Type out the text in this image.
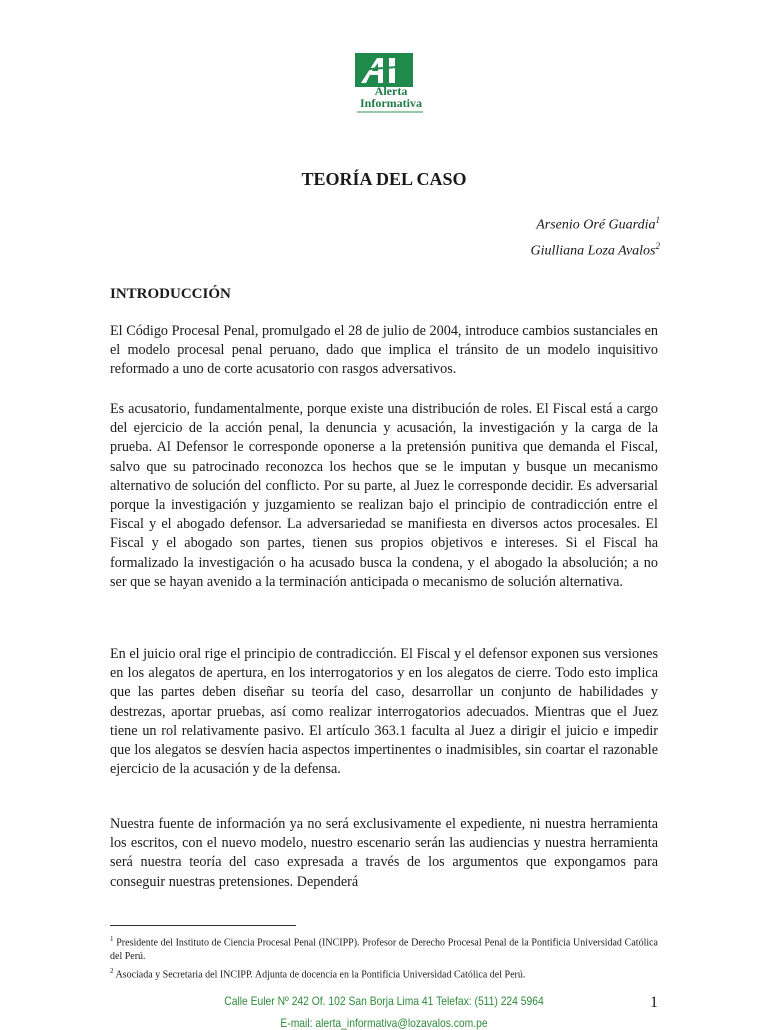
Alerta
Informativa
TEORÍA DEL CASO
Arsenio Oré Guardia$^1$
Giulliana Loza Avalos$^2$
INTRODUCCIÓN

El Código Procesal Penal, promulgado el 28 de julio de 2004, introduce cambios sustanciales en el modelo procesal penal peruano, dado que implica el tránsito de un modelo inquisitivo reformado a uno de corte acusatorio con rasgos adversativos.

Es acusatorio, fundamentalmente, porque existe una distribución de roles. El Fiscal está a cargo del ejercicio de la acción penal, la denuncia y acusación, la investigación y la carga de la prueba. Al Defensor le corresponde oponerse a la pretensión punitiva que demanda el Fiscal, salvo que su patrocinado reconozca los hechos que se le imputan y busque un mecanismo alternativo de solución del conflicto. Por su parte, al Juez le corresponde decidir. Es adversarial porque la investigación y juzgamiento se realizan bajo el principio de contradicción entre el Fiscal y el abogado defensor. La adversariedad se manifiesta en diversos actos procesales. El Fiscal y el abogado son partes, tienen sus propios objetivos e intereses. Si el Fiscal ha formalizado la investigación o ha acusado busca la condena, y el abogado la absolución; a no ser que se hayan avenido a la terminación anticipada o mecanismo de solución alternativa.

En el juicio oral rige el principio de contradicción. El Fiscal y el defensor exponen sus versiones en los alegatos de apertura, en los interrogatorios y en los alegatos de cierre. Todo esto implica que las partes deben diseñar su teoría del caso, desarrollar un conjunto de habilidades y destrezas, aportar pruebas, así como realizar interrogatorios adecuados. Mientras que el Juez tiene un rol relativamente pasivo. El artículo 363.1 faculta al Juez a dirigir el juicio e impedir que los alegatos se desvíen hacia aspectos impertinentes o inadmisibles, sin coartar el razonable ejercicio de la acusación y de la defensa.

Nuestra fuente de información ya no será exclusivamente el expediente, ni nuestra herramienta los escritos, con el nuevo modelo, nuestro escenario serán las audiencias y nuestra herramienta será nuestra teoría del caso expresada a través de los argumentos que expongamos para conseguir nuestras pretensiones. Dependerá

$^1$ Presidente del Instituto de Ciencia Procesal Penal (INCIPP). Profesor de Derecho Procesal Penal de la Pontificia Universidad Católica del Perú.

$^2$ Asociada y Secretaria del INCIPP. Adjunta de docencia en la Pontificia Universidad Católica del Perú.

Calle Euler Nº 242 Of. 102 San Borja Lima 41 Telefax: (511) 224 5964
E-mail: alerta_informativa@lozavalos.com.pe
1
